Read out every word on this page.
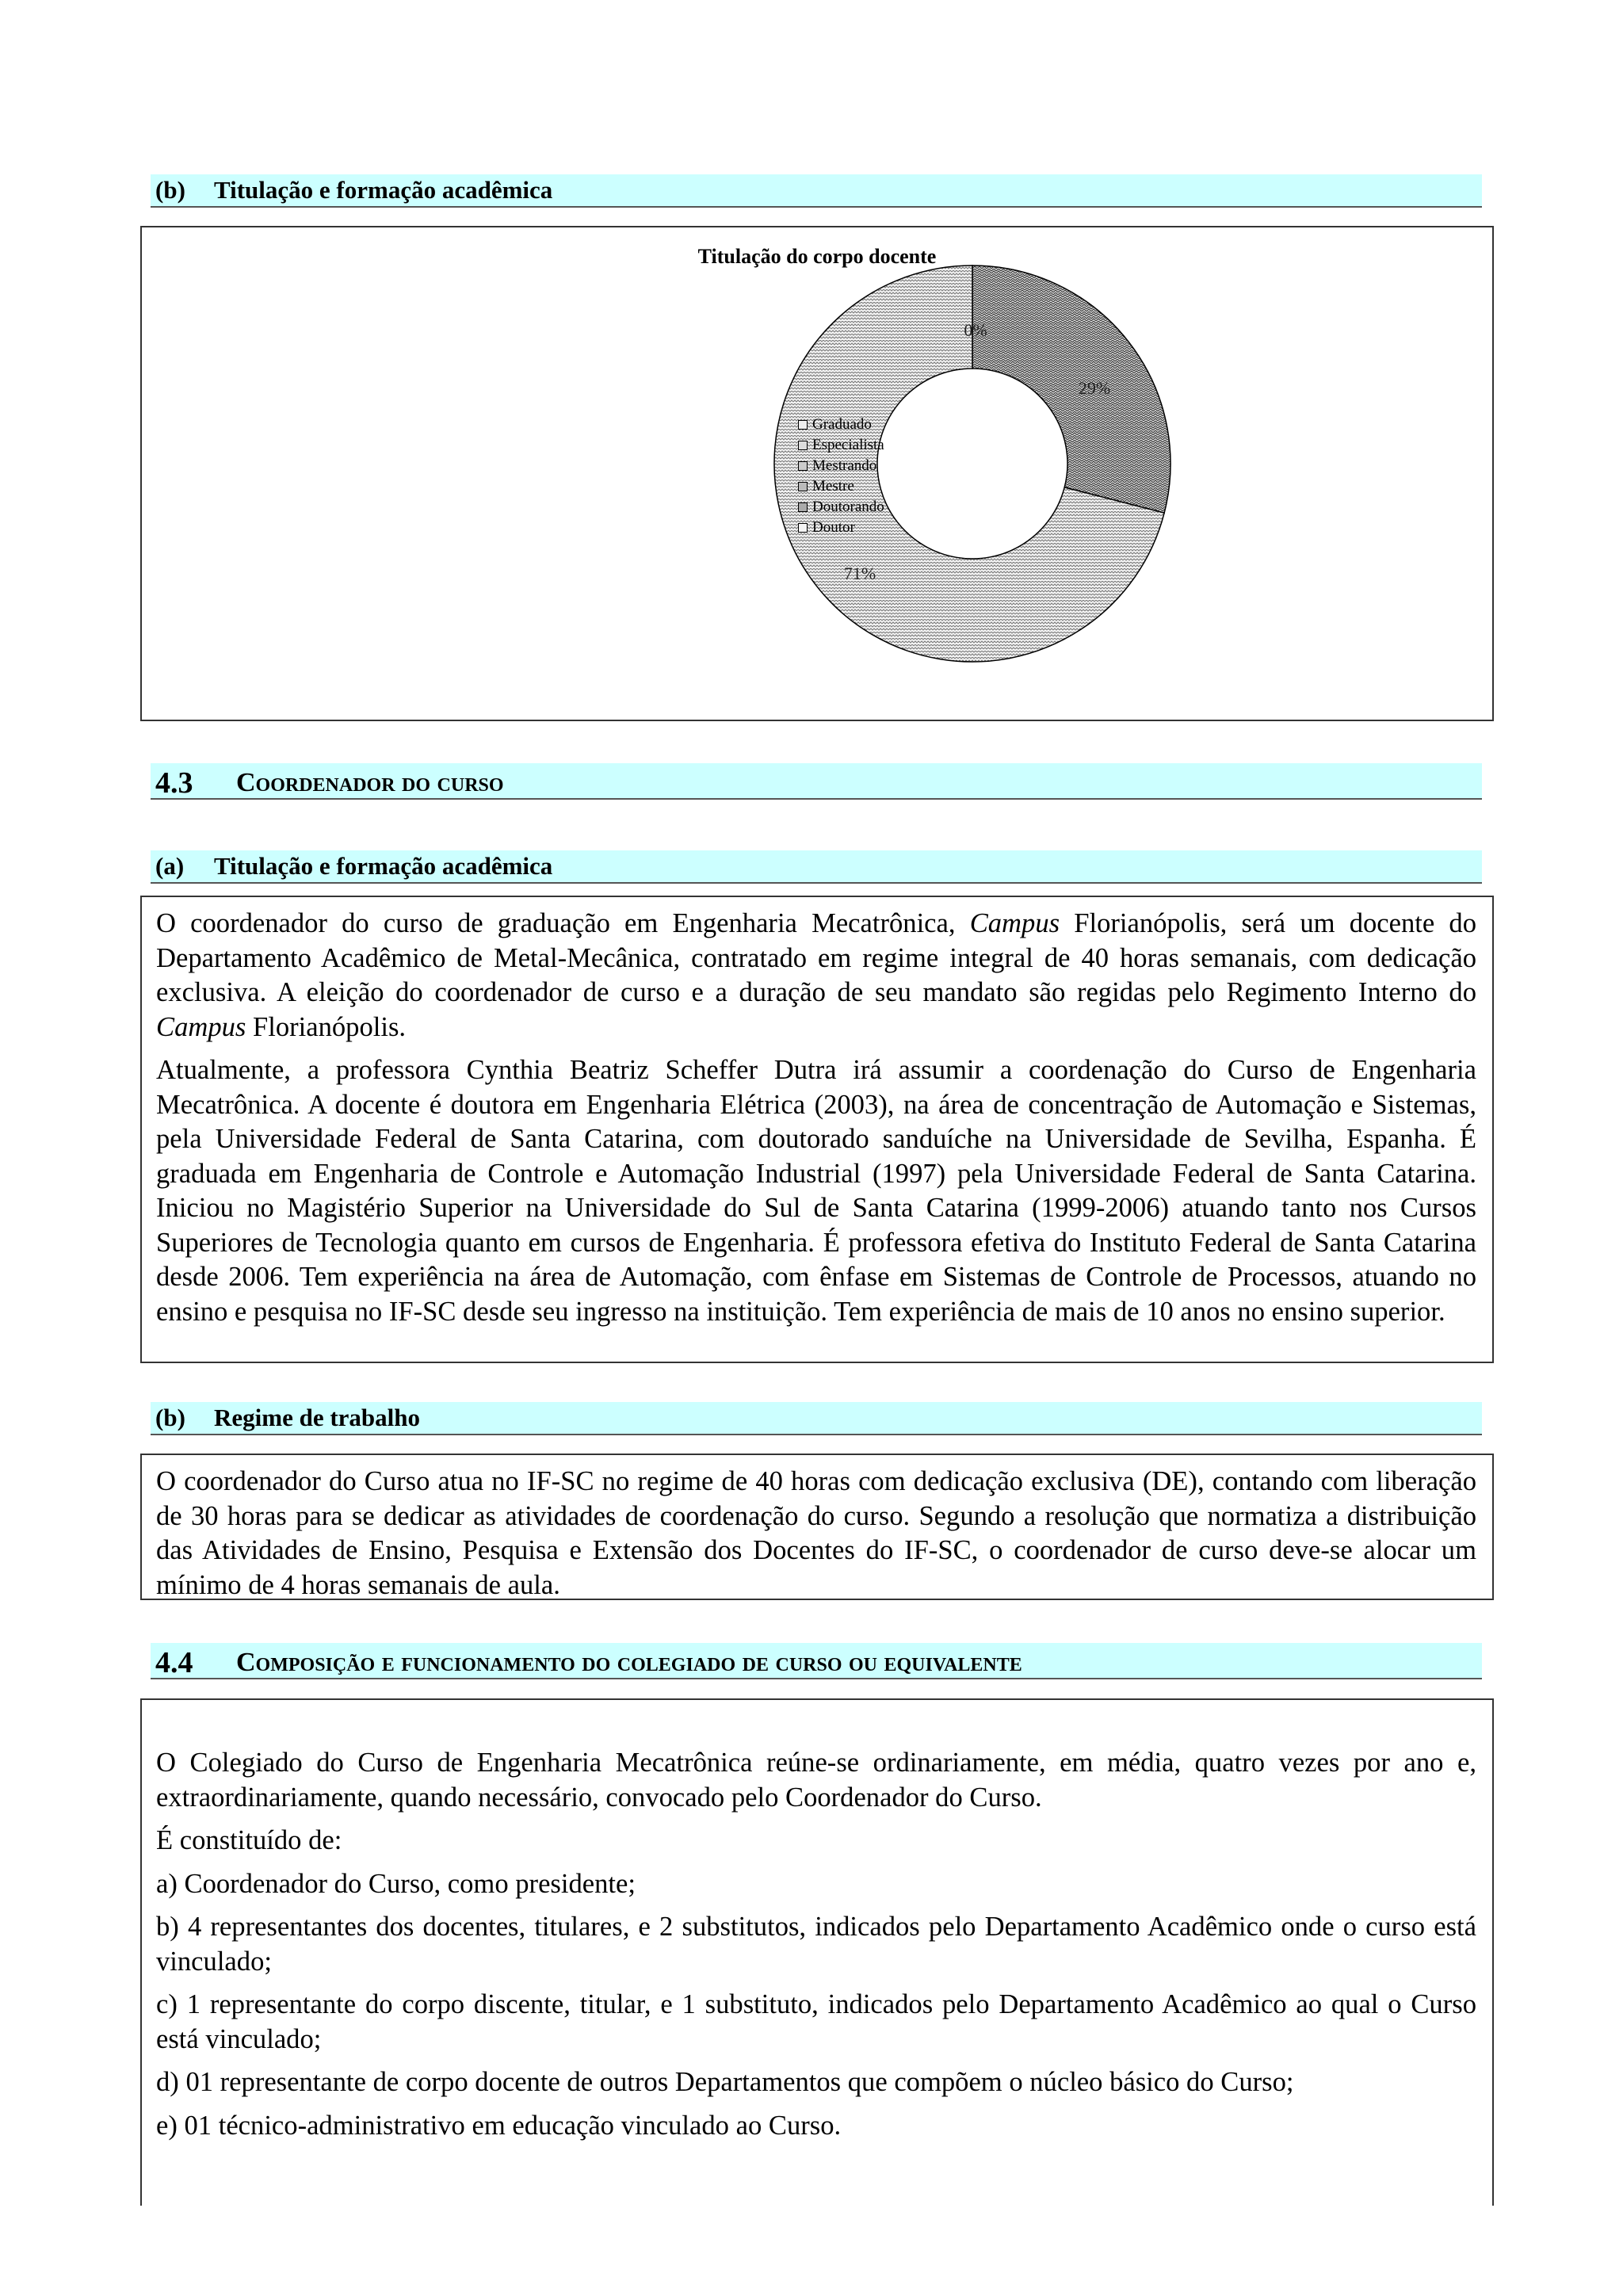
(b) Titulação e formação acadêmica
Titulação do corpo docente
0%
29%
71%
Graduado
Especialista
Mestrando
Mestre
Doutorando
Doutor
4.3 Coordenador do curso
(a) Titulação e formação acadêmica

O coordenador do curso de graduação em Engenharia Mecatrônica, Campus Florianópolis, será um docente do Departamento Acadêmico de Metal-Mecânica, contratado em regime integral de 40 horas semanais, com dedicação exclusiva. A eleição do coordenador de curso e a duração de seu mandato são regidas pelo Regimento Interno do Campus Florianópolis.

Atualmente, a professora Cynthia Beatriz Scheffer Dutra irá assumir a coordenação do Curso de Engenharia Mecatrônica. A docente é doutora em Engenharia Elétrica (2003), na área de concentração de Automação e Sistemas, pela Universidade Federal de Santa Catarina, com doutorado sanduíche na Universidade de Sevilha, Espanha. É graduada em Engenharia de Controle e Automação Industrial (1997) pela Universidade Federal de Santa Catarina. Iniciou no Magistério Superior na Universidade do Sul de Santa Catarina (1999-2006) atuando tanto nos Cursos Superiores de Tecnologia quanto em cursos de Engenharia. É professora efetiva do Instituto Federal de Santa Catarina desde 2006. Tem experiência na área de Automação, com ênfase em Sistemas de Controle de Processos, atuando no ensino e pesquisa no IF-SC desde seu ingresso na instituição. Tem experiência de mais de 10 anos no ensino superior.

(b) Regime de trabalho

O coordenador do Curso atua no IF-SC no regime de 40 horas com dedicação exclusiva (DE), contando com liberação de 30 horas para se dedicar as atividades de coordenação do curso. Segundo a resolução que normatiza a distribuição das Atividades de Ensino, Pesquisa e Extensão dos Docentes do IF-SC, o coordenador de curso deve-se alocar um mínimo de 4 horas semanais de aula.

4.4 Composição e funcionamento do colegiado de curso ou equivalente

O Colegiado do Curso de Engenharia Mecatrônica reúne-se ordinariamente, em média, quatro vezes por ano e, extraordinariamente, quando necessário, convocado pelo Coordenador do Curso.

É constituído de:

a) Coordenador do Curso, como presidente;

b) 4 representantes dos docentes, titulares, e 2 substitutos, indicados pelo Departamento Acadêmico onde o curso está vinculado;

c) 1 representante do corpo discente, titular, e 1 substituto, indicados pelo Departamento Acadêmico ao qual o Curso está vinculado;

d) 01 representante de corpo docente de outros Departamentos que compõem o núcleo básico do Curso;

e) 01 técnico-administrativo em educação vinculado ao Curso.
